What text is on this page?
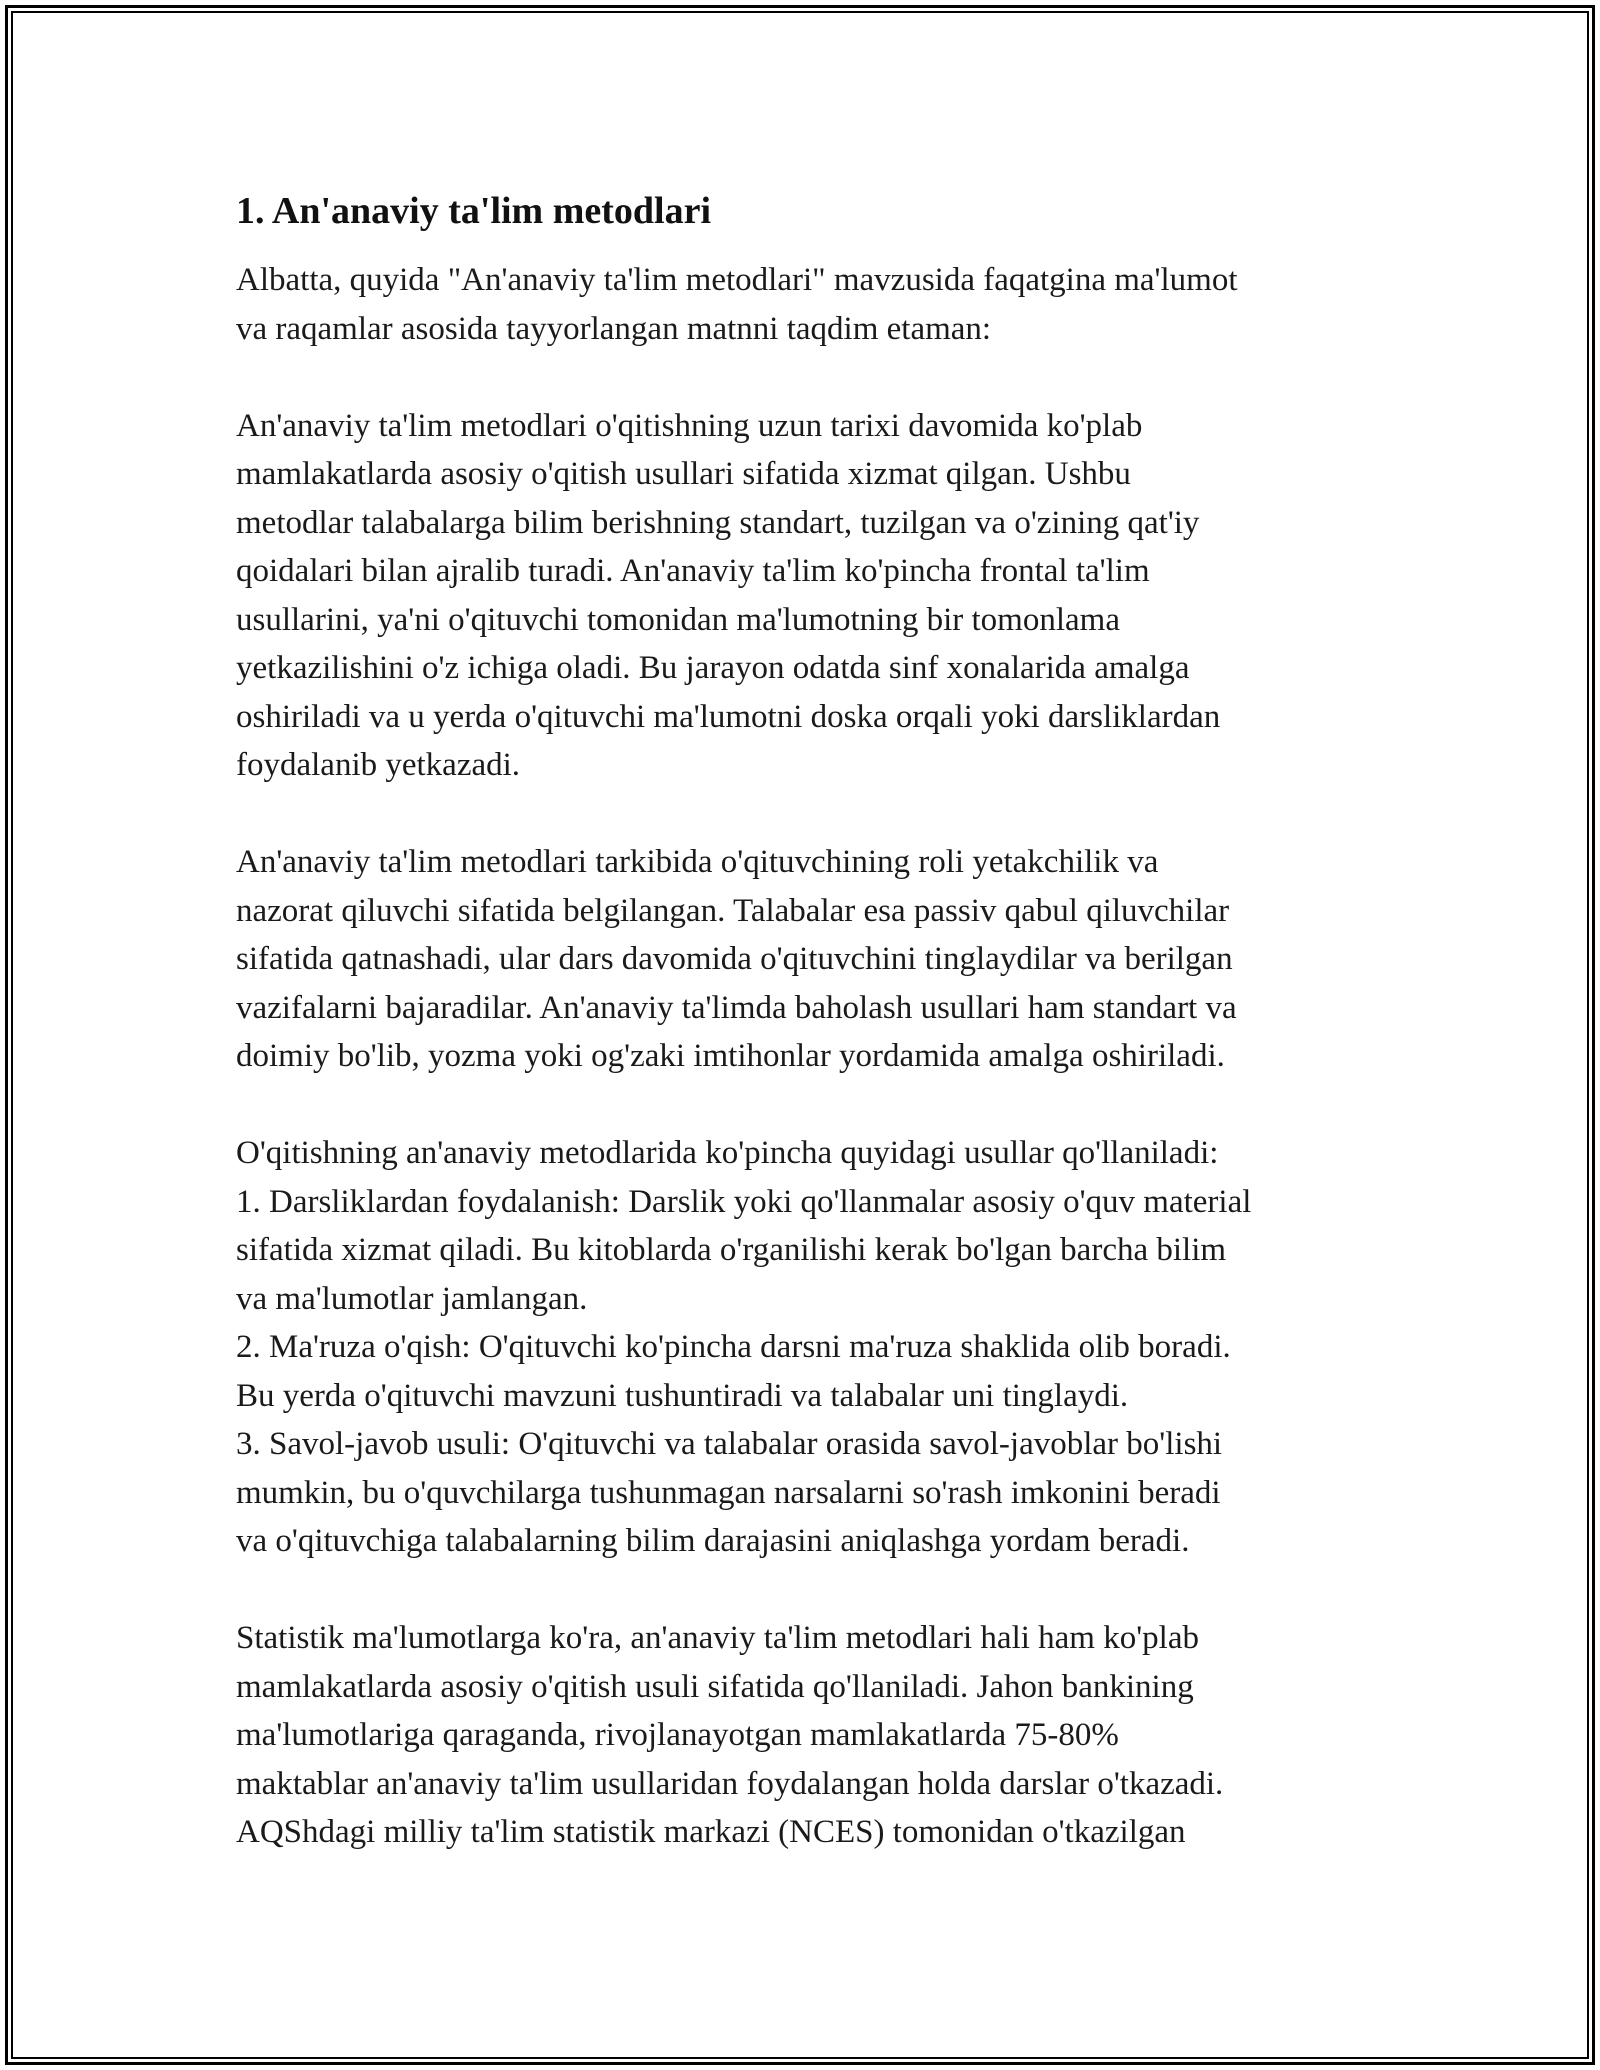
1. An'anaviy ta'lim metodlari
Albatta, quyida "An'anaviy ta'lim metodlari" mavzusida faqatgina ma'lumot
va raqamlar asosida tayyorlangan matnni taqdim etaman:
An'anaviy ta'lim metodlari o'qitishning uzun tarixi davomida ko'plab
mamlakatlarda asosiy o'qitish usullari sifatida xizmat qilgan. Ushbu
metodlar talabalarga bilim berishning standart, tuzilgan va o'zining qat'iy
qoidalari bilan ajralib turadi. An'anaviy ta'lim ko'pincha frontal ta'lim
usullarini, ya'ni o'qituvchi tomonidan ma'lumotning bir tomonlama
yetkazilishini o'z ichiga oladi. Bu jarayon odatda sinf xonalarida amalga
oshiriladi va u yerda o'qituvchi ma'lumotni doska orqali yoki darsliklardan
foydalanib yetkazadi.
An'anaviy ta'lim metodlari tarkibida o'qituvchining roli yetakchilik va
nazorat qiluvchi sifatida belgilangan. Talabalar esa passiv qabul qiluvchilar
sifatida qatnashadi, ular dars davomida o'qituvchini tinglaydilar va berilgan
vazifalarni bajaradilar. An'anaviy ta'limda baholash usullari ham standart va
doimiy bo'lib, yozma yoki og'zaki imtihonlar yordamida amalga oshiriladi.
O'qitishning an'anaviy metodlarida ko'pincha quyidagi usullar qo'llaniladi:
1. Darsliklardan foydalanish: Darslik yoki qo'llanmalar asosiy o'quv material
sifatida xizmat qiladi. Bu kitoblarda o'rganilishi kerak bo'lgan barcha bilim
va ma'lumotlar jamlangan.
2. Ma'ruza o'qish: O'qituvchi ko'pincha darsni ma'ruza shaklida olib boradi.
Bu yerda o'qituvchi mavzuni tushuntiradi va talabalar uni tinglaydi.
3. Savol-javob usuli: O'qituvchi va talabalar orasida savol-javoblar bo'lishi
mumkin, bu o'quvchilarga tushunmagan narsalarni so'rash imkonini beradi
va o'qituvchiga talabalarning bilim darajasini aniqlashga yordam beradi.
Statistik ma'lumotlarga ko'ra, an'anaviy ta'lim metodlari hali ham ko'plab
mamlakatlarda asosiy o'qitish usuli sifatida qo'llaniladi. Jahon bankining
ma'lumotlariga qaraganda, rivojlanayotgan mamlakatlarda 75-80%
maktablar an'anaviy ta'lim usullaridan foydalangan holda darslar o'tkazadi.
AQShdagi milliy ta'lim statistik markazi (NCES) tomonidan o'tkazilgan
